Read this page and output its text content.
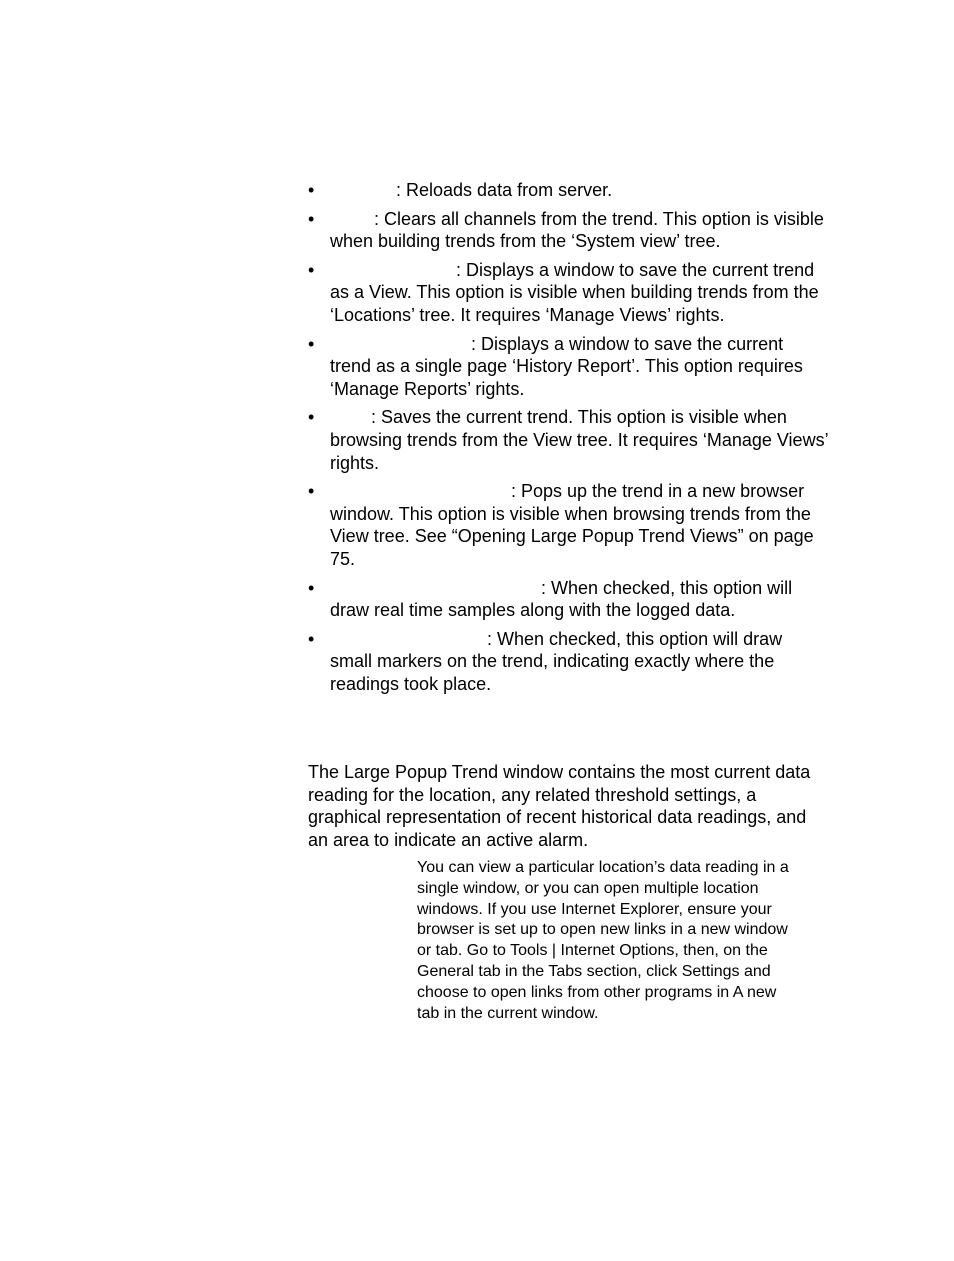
•	: Reloads data from server.
•	: Clears all channels from the trend. This option is visible when building trends from the ‘System view’ tree.
•	: Displays a window to save the current trend as a View. This option is visible when building trends from the ‘Locations’ tree. It requires ‘Manage Views’ rights.
•	: Displays a window to save the current trend as a single page ‘History Report’. This option requires ‘Manage Reports’ rights.
•	: Saves the current trend. This option is visible when browsing trends from the View tree. It requires ‘Manage Views’ rights.
•	: Pops up the trend in a new browser window. This option is visible when browsing trends from the View tree. See “Opening Large Popup Trend Views” on page 75.
•	: When checked, this option will draw real time samples along with the logged data.
•	: When checked, this option will draw small markers on the trend, indicating exactly where the readings took place.

The Large Popup Trend window contains the most current data reading for the location, any related threshold settings, a graphical representation of recent historical data readings, and an area to indicate an active alarm.

You can view a particular location’s data reading in a single window, or you can open multiple location windows. If you use Internet Explorer, ensure your browser is set up to open new links in a new window or tab. Go to Tools | Internet Options, then, on the General tab in the Tabs section, click Settings and choose to open links from other programs in A new tab in the current window.
